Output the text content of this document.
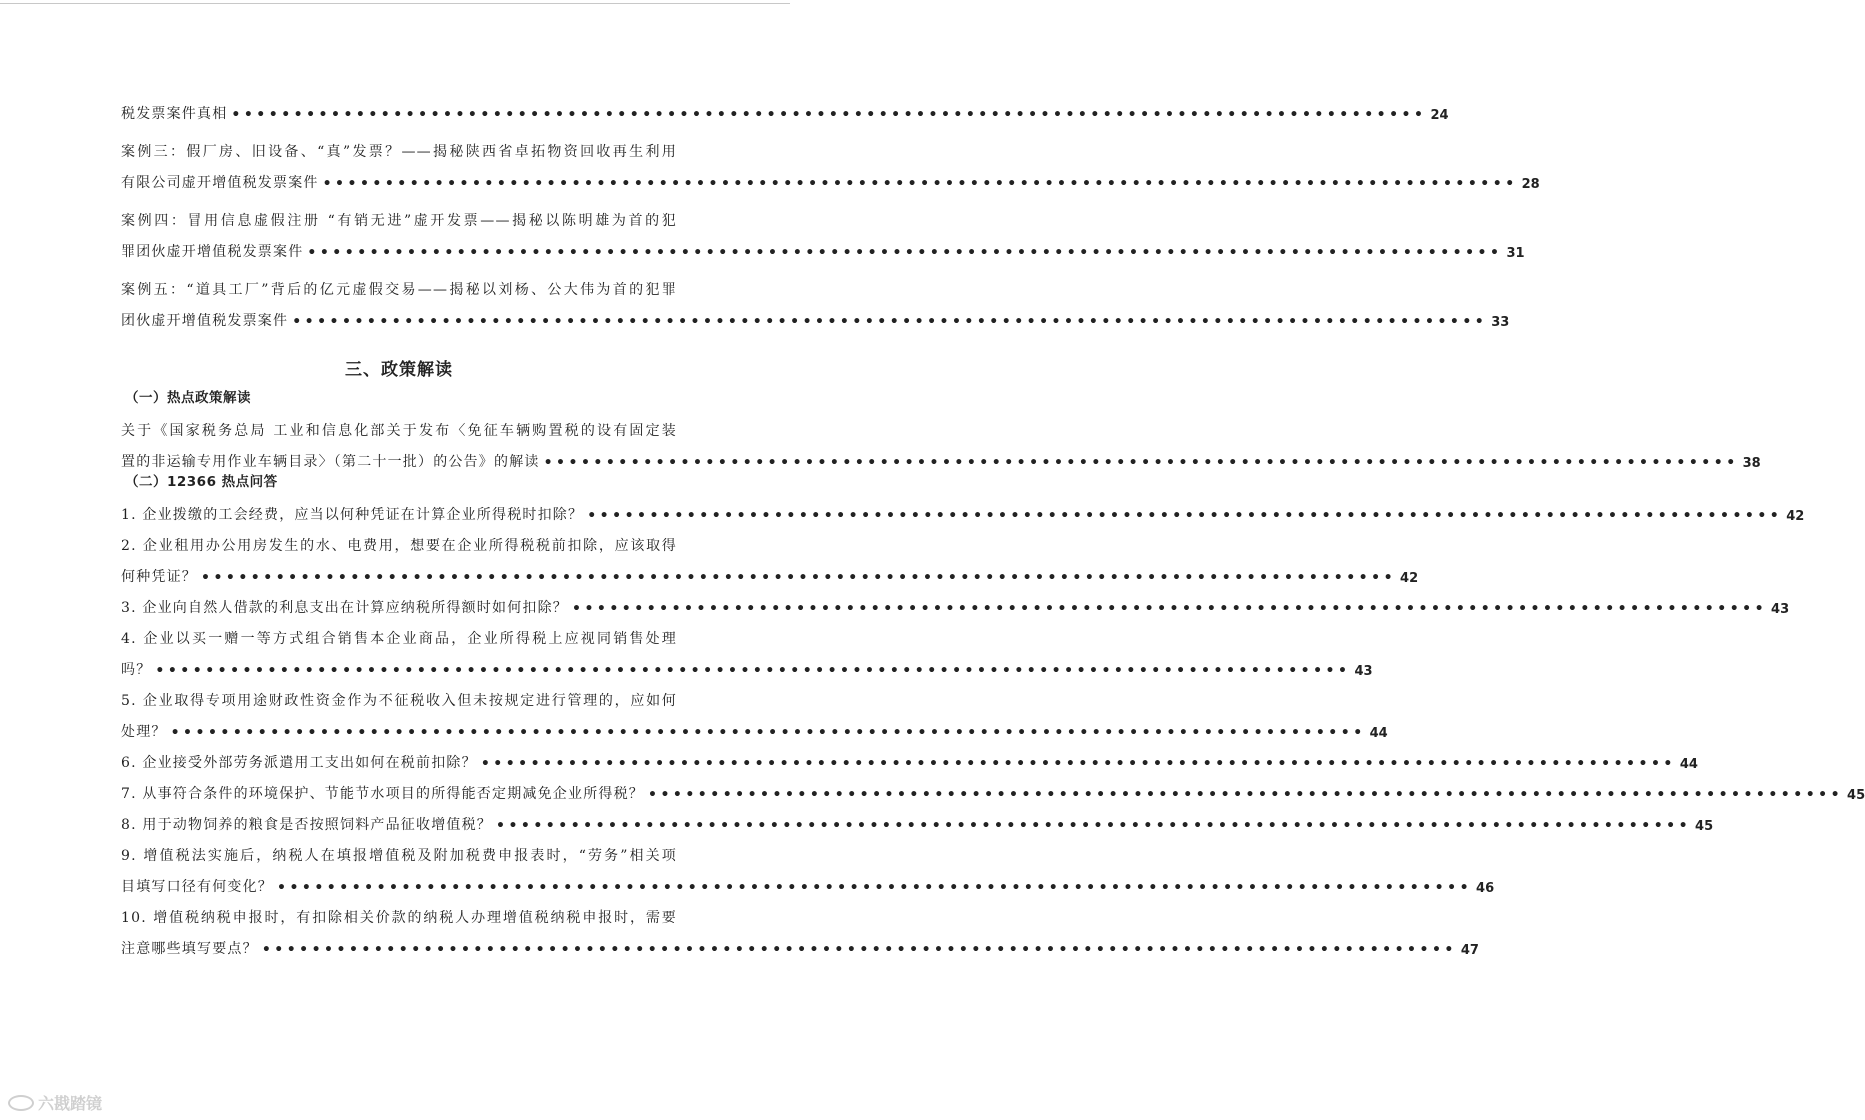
税发票案件真相 •••••••••••••••••••••••••••••••••••••••••••••••••••••••••••••••••••••••••••••••••••••••••••••••• 24
案例三：假厂房、旧设备、“真”发票？——揭秘陕西省卓拓物资回收再生利用
有限公司虚开增值税发票案件 •••••••••••••••••••••••••••••••••••••••••••••••••••••••••••••••••••••••••••••••••••••••••••••••• 28
案例四：冒用信息虚假注册 “有销无进”虚开发票——揭秘以陈明雄为首的犯
罪团伙虚开增值税发票案件 •••••••••••••••••••••••••••••••••••••••••••••••••••••••••••••••••••••••••••••••••••••••••••••••• 31
案例五：“道具工厂”背后的亿元虚假交易——揭秘以刘杨、公大伟为首的犯罪
团伙虚开增值税发票案件 •••••••••••••••••••••••••••••••••••••••••••••••••••••••••••••••••••••••••••••••••••••••••••••••• 33
三、政策解读
（一）热点政策解读
关于《国家税务总局 工业和信息化部关于发布〈免征车辆购置税的设有固定装
置的非运输专用作业车辆目录〉（第二十一批）的公告》的解读 •••••••••••••••••••••••••••••••••••••••••••••••••••••••••••••••••••••••••••••••••••••••••••••••• 38
（二）12366 热点问答
1. 企业拨缴的工会经费，应当以何种凭证在计算企业所得税时扣除？ •••••••••••••••••••••••••••••••••••••••••••••••••••••••••••••••••••••••••••••••••••••••••••••••• 42
2. 企业租用办公用房发生的水、电费用，想要在企业所得税税前扣除，应该取得
何种凭证？ •••••••••••••••••••••••••••••••••••••••••••••••••••••••••••••••••••••••••••••••••••••••••••••••• 42
3. 企业向自然人借款的利息支出在计算应纳税所得额时如何扣除？ •••••••••••••••••••••••••••••••••••••••••••••••••••••••••••••••••••••••••••••••••••••••••••••••• 43
4. 企业以买一赠一等方式组合销售本企业商品，企业所得税上应视同销售处理
吗？ •••••••••••••••••••••••••••••••••••••••••••••••••••••••••••••••••••••••••••••••••••••••••••••••• 43
5. 企业取得专项用途财政性资金作为不征税收入但未按规定进行管理的，应如何
处理？ •••••••••••••••••••••••••••••••••••••••••••••••••••••••••••••••••••••••••••••••••••••••••••••••• 44
6. 企业接受外部劳务派遣用工支出如何在税前扣除？ •••••••••••••••••••••••••••••••••••••••••••••••••••••••••••••••••••••••••••••••••••••••••••••••• 44
7. 从事符合条件的环境保护、节能节水项目的所得能否定期减免企业所得税？ •••••••••••••••••••••••••••••••••••••••••••••••••••••••••••••••••••••••••••••••••••••••••••••••• 45
8. 用于动物饲养的粮食是否按照饲料产品征收增值税？ •••••••••••••••••••••••••••••••••••••••••••••••••••••••••••••••••••••••••••••••••••••••••••••••• 45
9. 增值税法实施后，纳税人在填报增值税及附加税费申报表时，“劳务”相关项
目填写口径有何变化？ •••••••••••••••••••••••••••••••••••••••••••••••••••••••••••••••••••••••••••••••••••••••••••••••• 46
10. 增值税纳税申报时，有扣除相关价款的纳税人办理增值税纳税申报时，需要
注意哪些填写要点？ •••••••••••••••••••••••••••••••••••••••••••••••••••••••••••••••••••••••••••••••••••••••••••••••• 47
六戡踏镜
